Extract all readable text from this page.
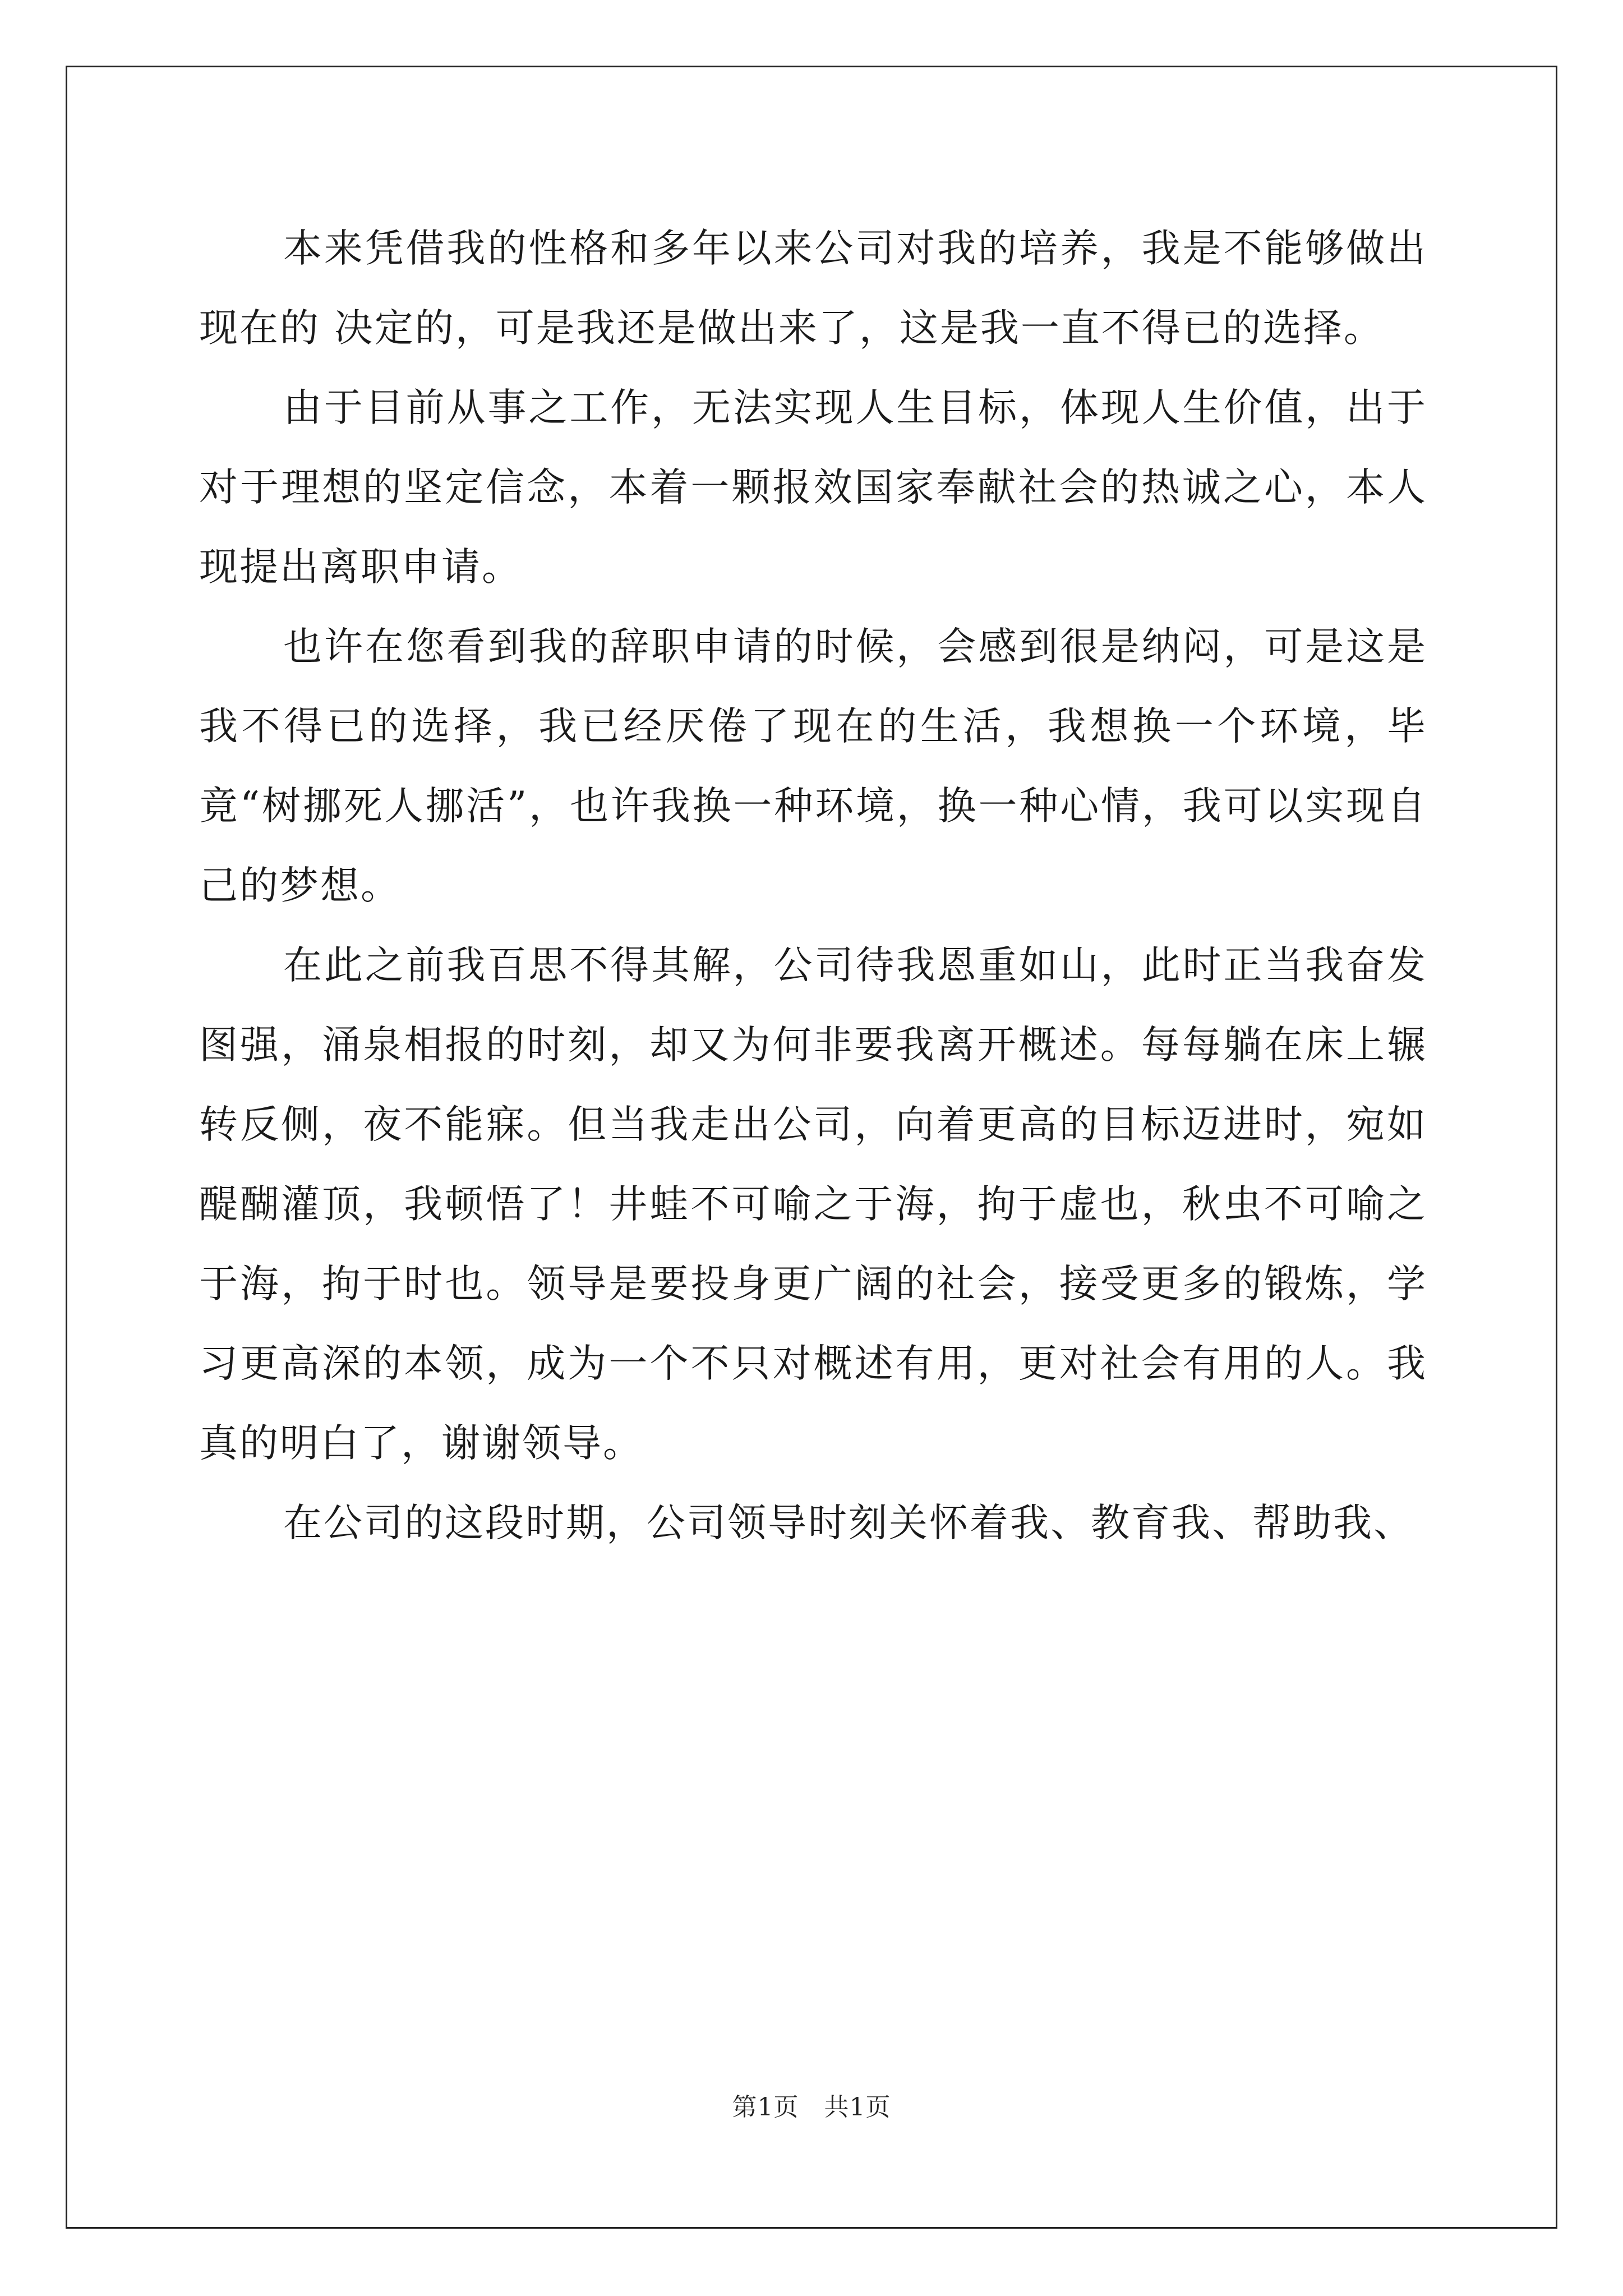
本来凭借我的性格和多年以来公司对我的培养，我是不能够做出现在的 决定的，可是我还是做出来了，这是我一直不得已的选择。

由于目前从事之工作，无法实现人生目标，体现人生价值，出于对于理想的坚定信念，本着一颗报效国家奉献社会的热诚之心，本人现提出离职申请。

也许在您看到我的辞职申请的时候，会感到很是纳闷，可是这是我不得已的选择，我已经厌倦了现在的生活，我想换一个环境，毕竟“树挪死人挪活”，也许我换一种环境，换一种心情，我可以实现自己的梦想。

在此之前我百思不得其解，公司待我恩重如山，此时正当我奋发图强，涌泉相报的时刻，却又为何非要我离开概述。每每躺在床上辗转反侧，夜不能寐。但当我走出公司，向着更高的目标迈进时，宛如醍醐灌顶，我顿悟了！井蛙不可喻之于海，拘于虚也，秋虫不可喻之于海，拘于时也。领导是要投身更广阔的社会，接受更多的锻炼，学习更高深的本领，成为一个不只对概述有用，更对社会有用的人。我真的明白了，谢谢领导。

在公司的这段时期，公司领导时刻关怀着我、教育我、帮助我、

第1页 共1页
